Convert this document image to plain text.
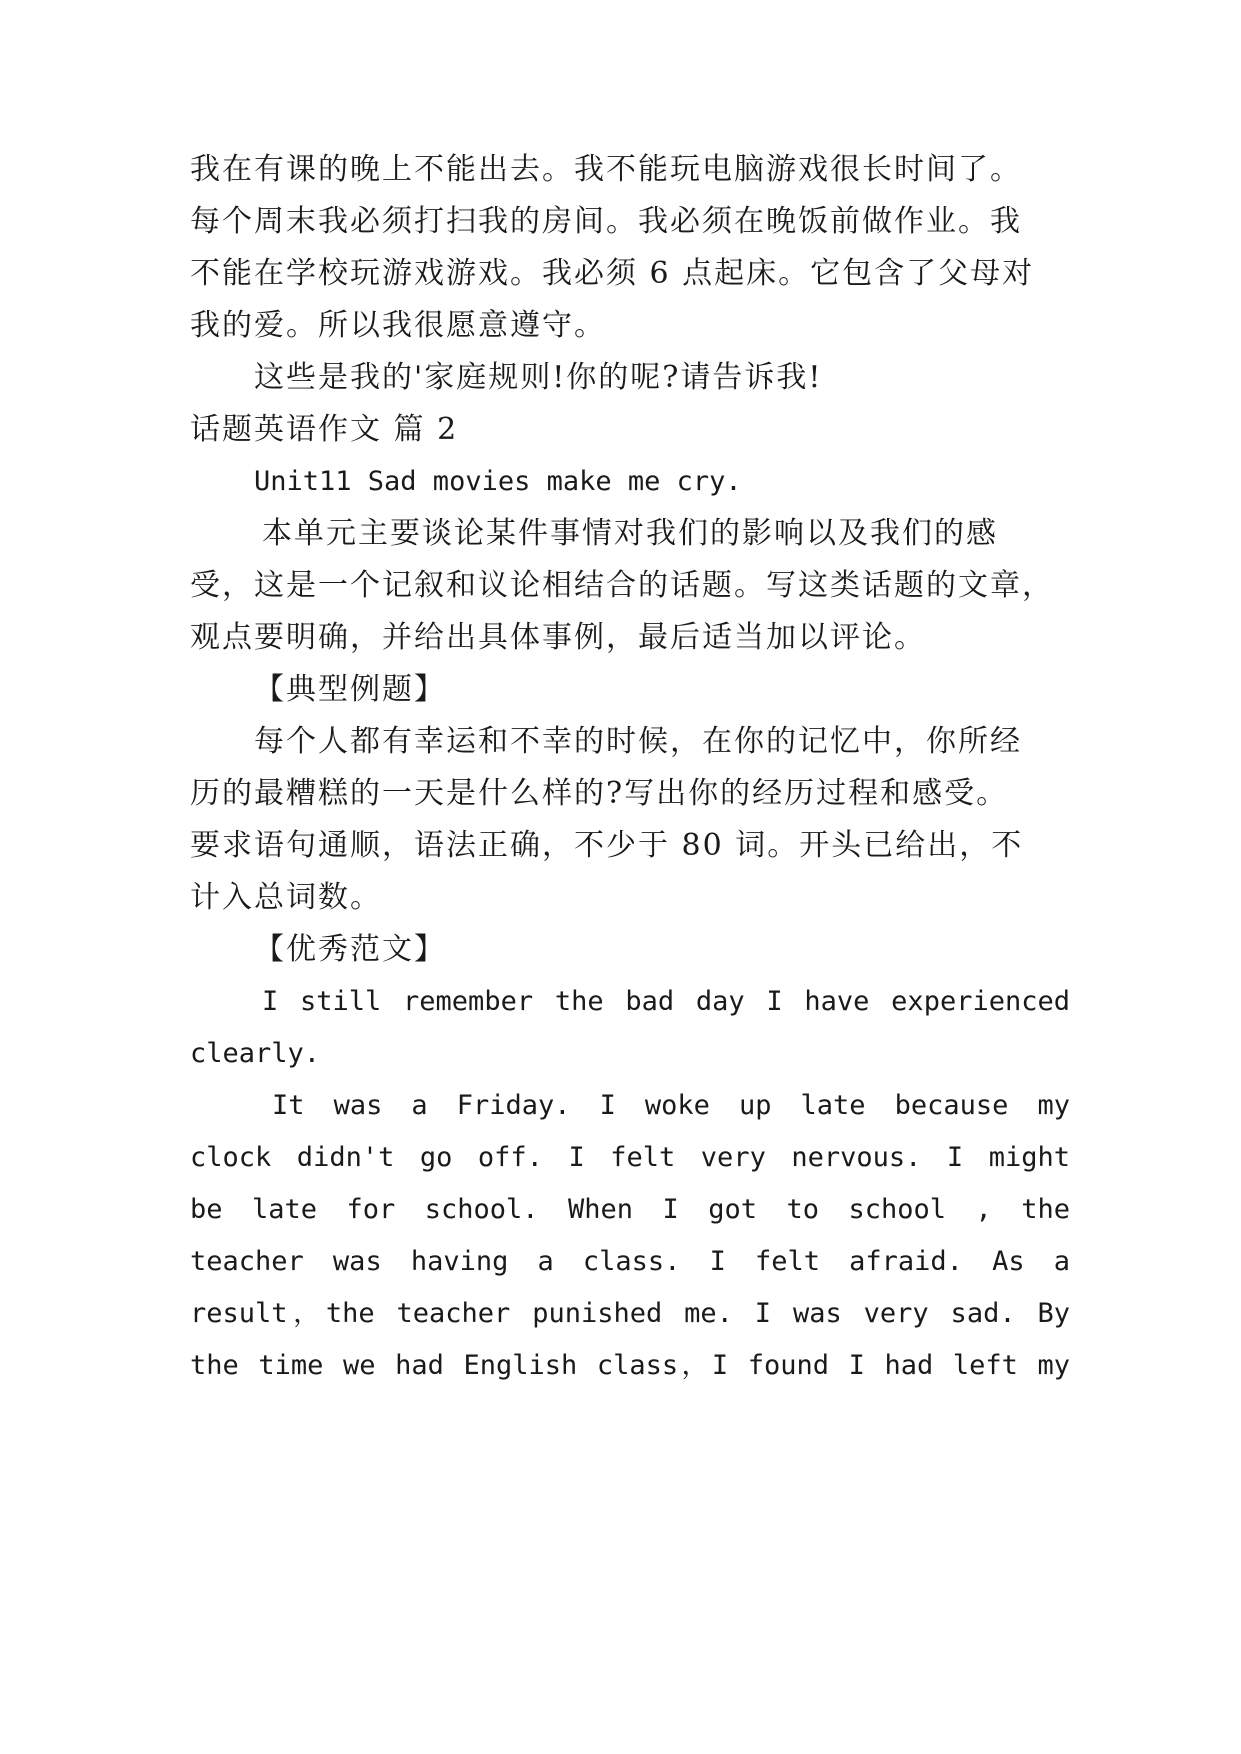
我在有课的晚上不能出去。我不能玩电脑游戏很长时间了。
每个周末我必须打扫我的房间。我必须在晚饭前做作业。我
不能在学校玩游戏游戏。我必须 6 点起床。它包含了父母对
我的爱。所以我很愿意遵守。
这些是我的'家庭规则!你的呢?请告诉我!
话题英语作文 篇 2
Unit11 Sad movies make me cry.
本单元主要谈论某件事情对我们的影响以及我们的感
受，这是一个记叙和议论相结合的话题。写这类话题的文章，
观点要明确，并给出具体事例，最后适当加以评论。
【典型例题】
每个人都有幸运和不幸的时候，在你的记忆中，你所经
历的最糟糕的一天是什么样的?写出你的经历过程和感受。
要求语句通顺，语法正确，不少于 80 词。开头已给出，不
计入总词数。
【优秀范文】
I still remember the bad day I have experienced
clearly.
It was a Friday. I woke up late because my
clock didn't go off. I felt very nervous. I might
be late for school. When I got to school , the
teacher was having a class. I felt afraid. As a
result，the teacher punished me. I was very sad. By
the time we had English class，I found I had left my
